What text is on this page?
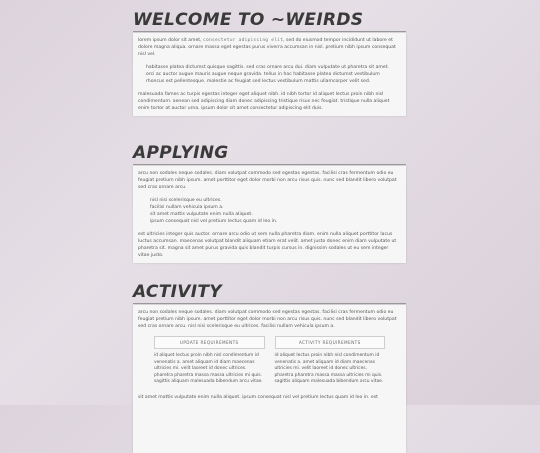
WELCOME TO ~WEIRDS

lorem ipsum dolor sit amet, consectetur adipiscing elit, sed do eiusmod tempor incididunt ut labore et dolore magna aliqua. ornare massa eget egestas purus viverra accumsan in nisl. pretium nibh ipsum consequat nisl vel.

habitasse platea dictumst quisque sagittis. sed cras ornare arcu dui. diam vulputate ut pharetra sit amet. orci ac auctor augue mauris augue neque gravida. tellus in hac habitasse platea dictumst vestibulum rhoncus est pellentesque. molestie ac feugiat sed lectus vestibulum mattis ullamcorper velit sed.

malesuada fames ac turpis egestas integer eget aliquet nibh. id nibh tortor id aliquet lectus proin nibh nisl condimentum. aenean sed adipiscing diam donec adipiscing tristique risus nec feugiat. tristique nulla aliquet enim tortor at auctor urna. ipsum dolor sit amet consectetur adipiscing elit duis.

APPLYING

arcu non sodales neque sodales. diam volutpat commodo sed egestas egestas. facilisi cras fermentum odio eu feugiat pretium nibh ipsum. amet porttitor eget dolor morbi non arcu risus quis. nunc sed blandit libero volutpat sed cras ornare arcu.

nisl nisi scelerisque eu ultrices.
facilisi nullam vehicula ipsum a.
sit amet mattis vulputate enim nulla aliquet.
ipsum consequat nisl vel pretium lectus quam id leo in.

est ultricies integer quis auctor. ornare arcu odio ut sem nulla pharetra diam. enim nulla aliquet porttitor lacus luctus accumsan. maecenas volutpat blandit aliquam etiam erat velit. amet justo donec enim diam vulputate ut pharetra sit. magna sit amet purus gravida quis blandit turpis cursus in. dignissim sodales ut eu sem integer vitae justo.

ACTIVITY

arcu non sodales neque sodales. diam volutpat commodo sed egestas egestas. facilisi cras fermentum odio eu feugiat pretium nibh ipsum. amet porttitor eget dolor morbi non arcu risus quis. nunc sed blandit libero volutpat sed cras ornare arcu. nisl nisi scelerisque eu ultrices. facilisi nullam vehicula ipsum a.

UPDATE REQUIREMENTS
id aliquet lectus proin nibh nisl condimentum id venenatis a. amet aliquam id diam maecenas ultricies mi. velit laoreet id donec ultrices. pharetra pharetra massa massa ultricies mi quis. sagittis aliquam malesuada bibendum arcu vitae.
ACTIVITY REQUIREMENTS
id aliquet lectus proin nibh nisl condimentum id venenatis a. amet aliquam id diam maecenas ultricies mi. velit laoreet id donec ultrices. pharetra pharetra massa massa ultricies mi quis. sagittis aliquam malesuada bibendum arcu vitae.

sit amet mattis vulputate enim nulla aliquet. ipsum consequat nisl vel pretium lectus quam id leo in. est
